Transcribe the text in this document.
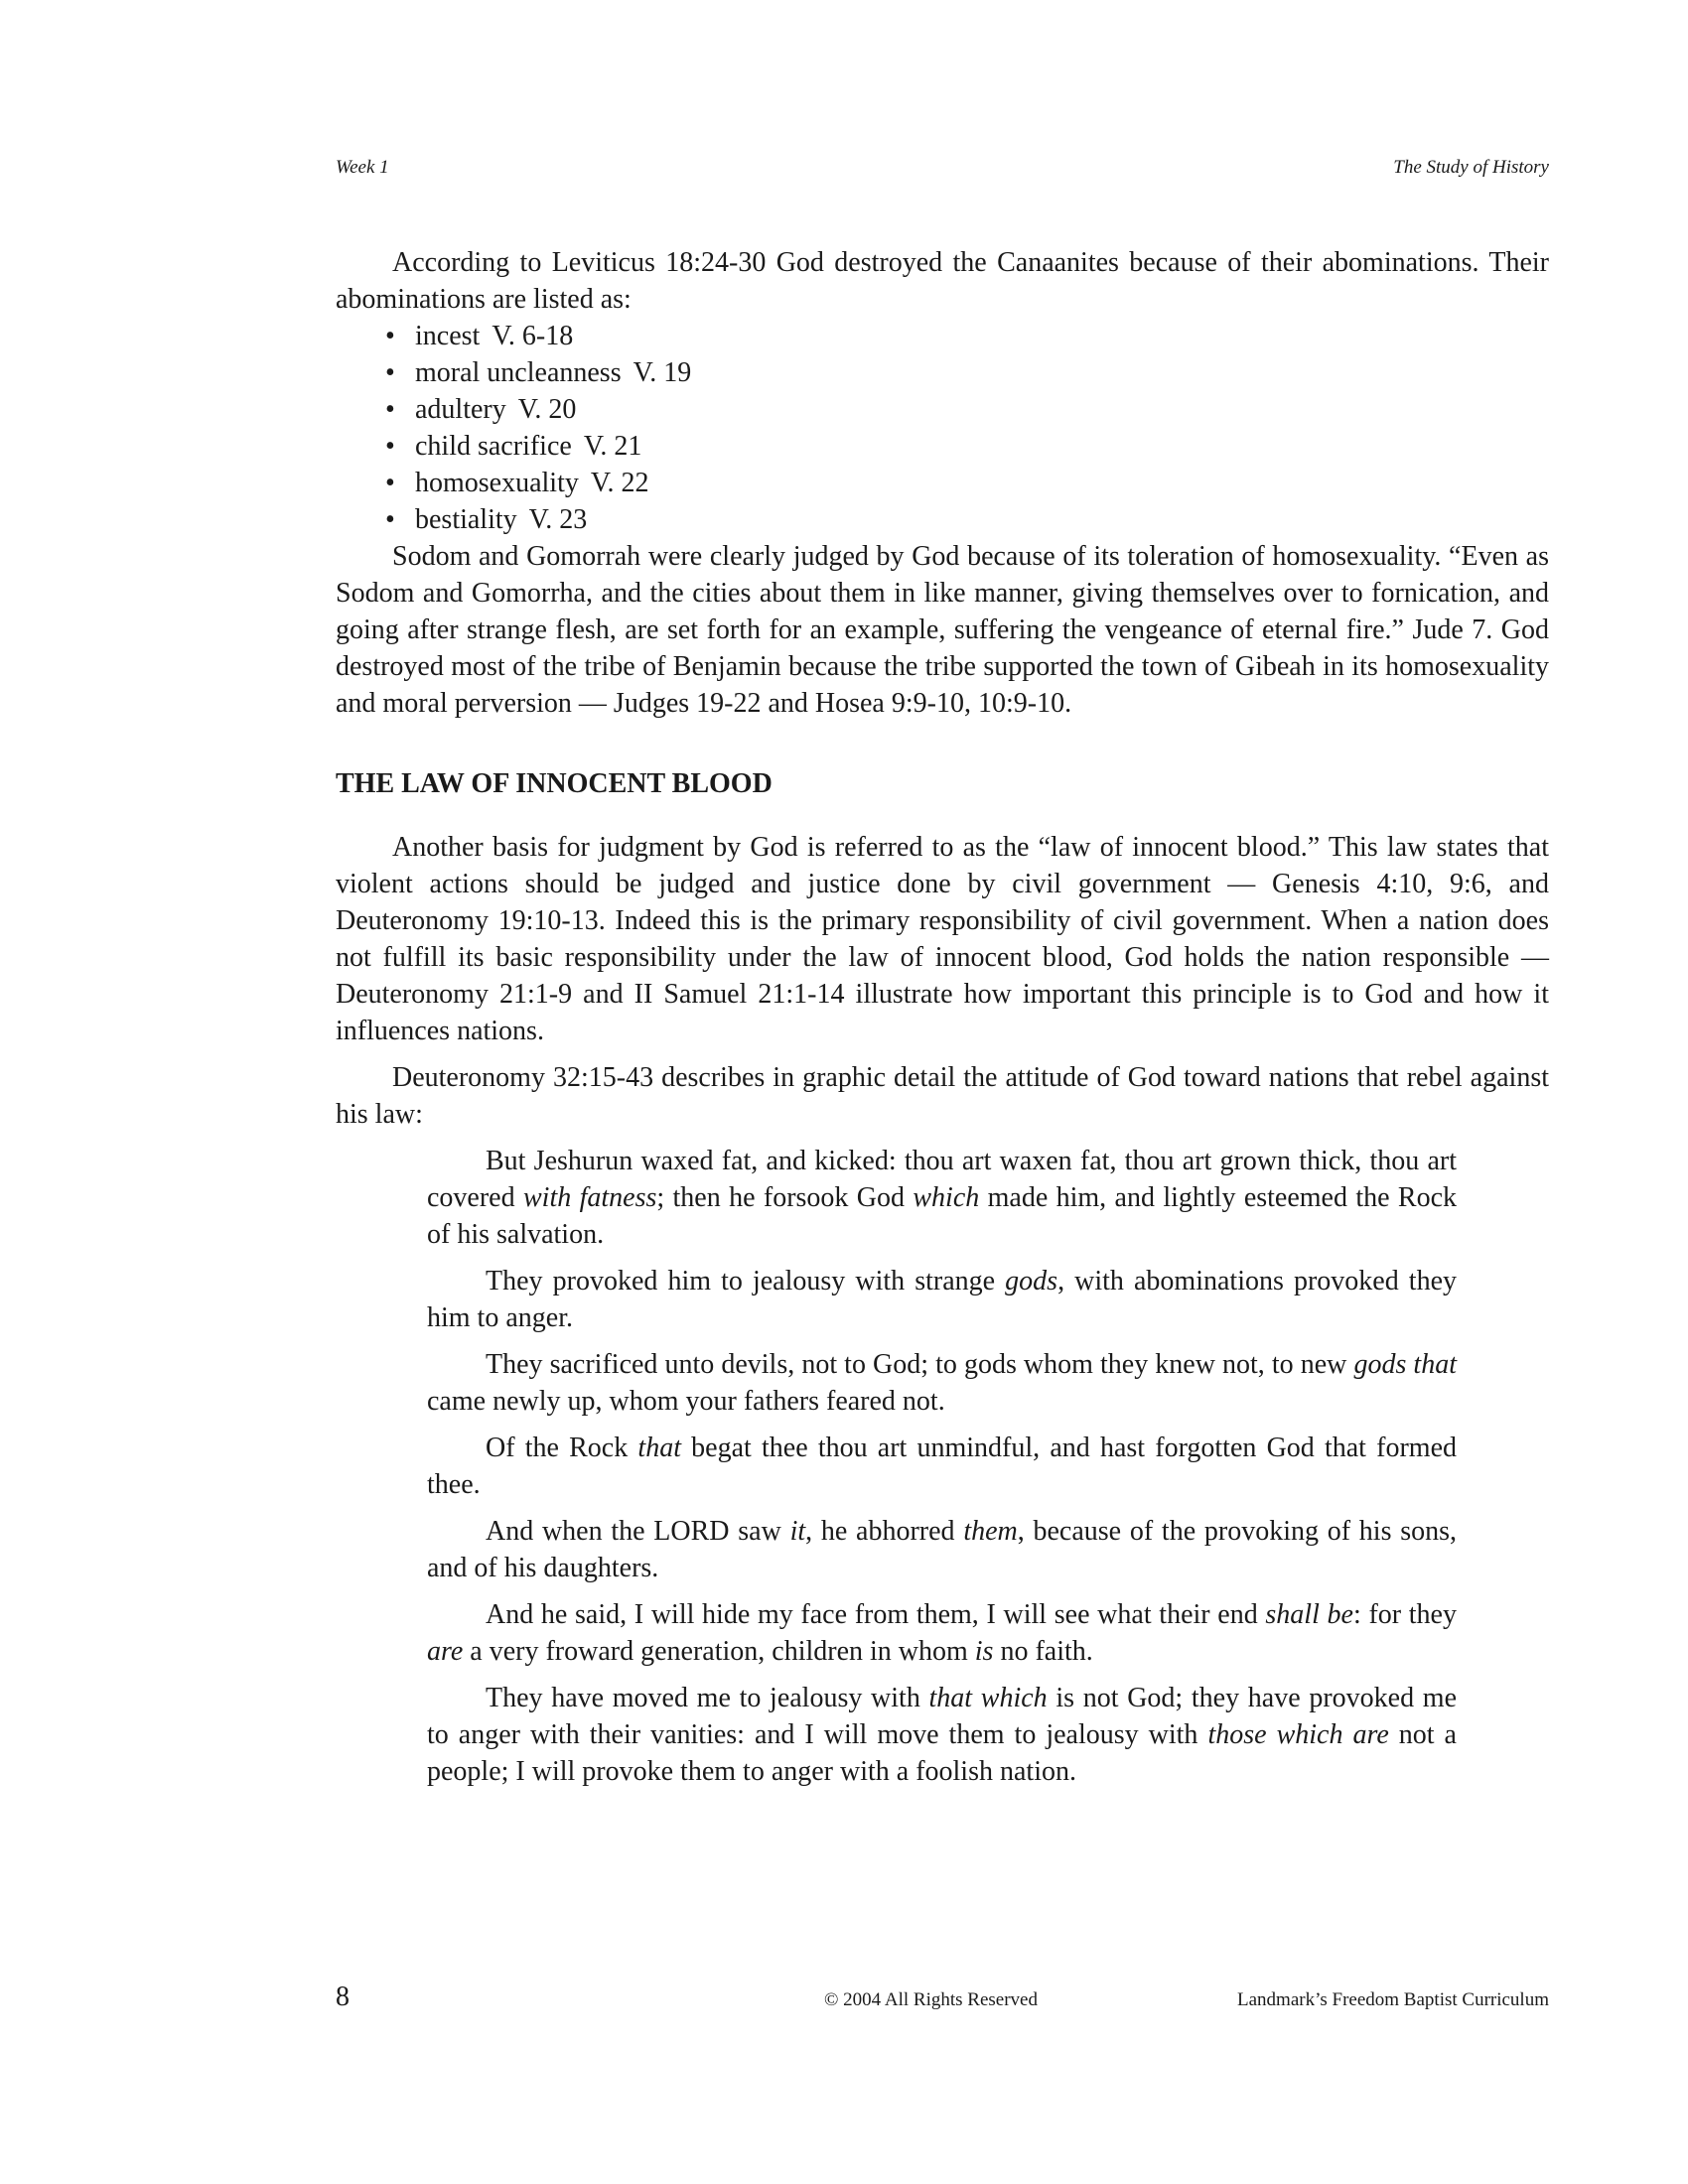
Week 1	The Study of History

According to Leviticus 18:24-30 God destroyed the Canaanites because of their abominations. Their abominations are listed as:

• incest V. 6-18
• moral uncleanness V. 19
• adultery V. 20
• child sacrifice V. 21
• homosexuality V. 22
• bestiality V. 23

Sodom and Gomorrah were clearly judged by God because of its toleration of homosexuality. “Even as Sodom and Gomorrha, and the cities about them in like manner, giving themselves over to fornication, and going after strange flesh, are set forth for an example, suffering the vengeance of eternal fire.” Jude 7. God destroyed most of the tribe of Benjamin because the tribe supported the town of Gibeah in its homosexuality and moral perversion — Judges 19-22 and Hosea 9:9-10, 10:9-10.

THE LAW OF INNOCENT BLOOD

Another basis for judgment by God is referred to as the “law of innocent blood.” This law states that violent actions should be judged and justice done by civil government — Genesis 4:10, 9:6, and Deuteronomy 19:10-13. Indeed this is the primary responsibility of civil government. When a nation does not fulfill its basic responsibility under the law of innocent blood, God holds the nation responsible — Deuteronomy 21:1-9 and II Samuel 21:1-14 illustrate how important this principle is to God and how it influences nations.

Deuteronomy 32:15-43 describes in graphic detail the attitude of God toward nations that rebel against his law:

But Jeshurun waxed fat, and kicked: thou art waxen fat, thou art grown thick, thou art covered with fatness; then he forsook God which made him, and lightly esteemed the Rock of his salvation.

They provoked him to jealousy with strange gods, with abominations provoked they him to anger.

They sacrificed unto devils, not to God; to gods whom they knew not, to new gods that came newly up, whom your fathers feared not.

Of the Rock that begat thee thou art unmindful, and hast forgotten God that formed thee.

And when the LORD saw it, he abhorred them, because of the provoking of his sons, and of his daughters.

And he said, I will hide my face from them, I will see what their end shall be: for they are a very froward generation, children in whom is no faith.

They have moved me to jealousy with that which is not God; they have provoked me to anger with their vanities: and I will move them to jealousy with those which are not a people; I will provoke them to anger with a foolish nation.

8	© 2004 All Rights Reserved	Landmark’s Freedom Baptist Curriculum
